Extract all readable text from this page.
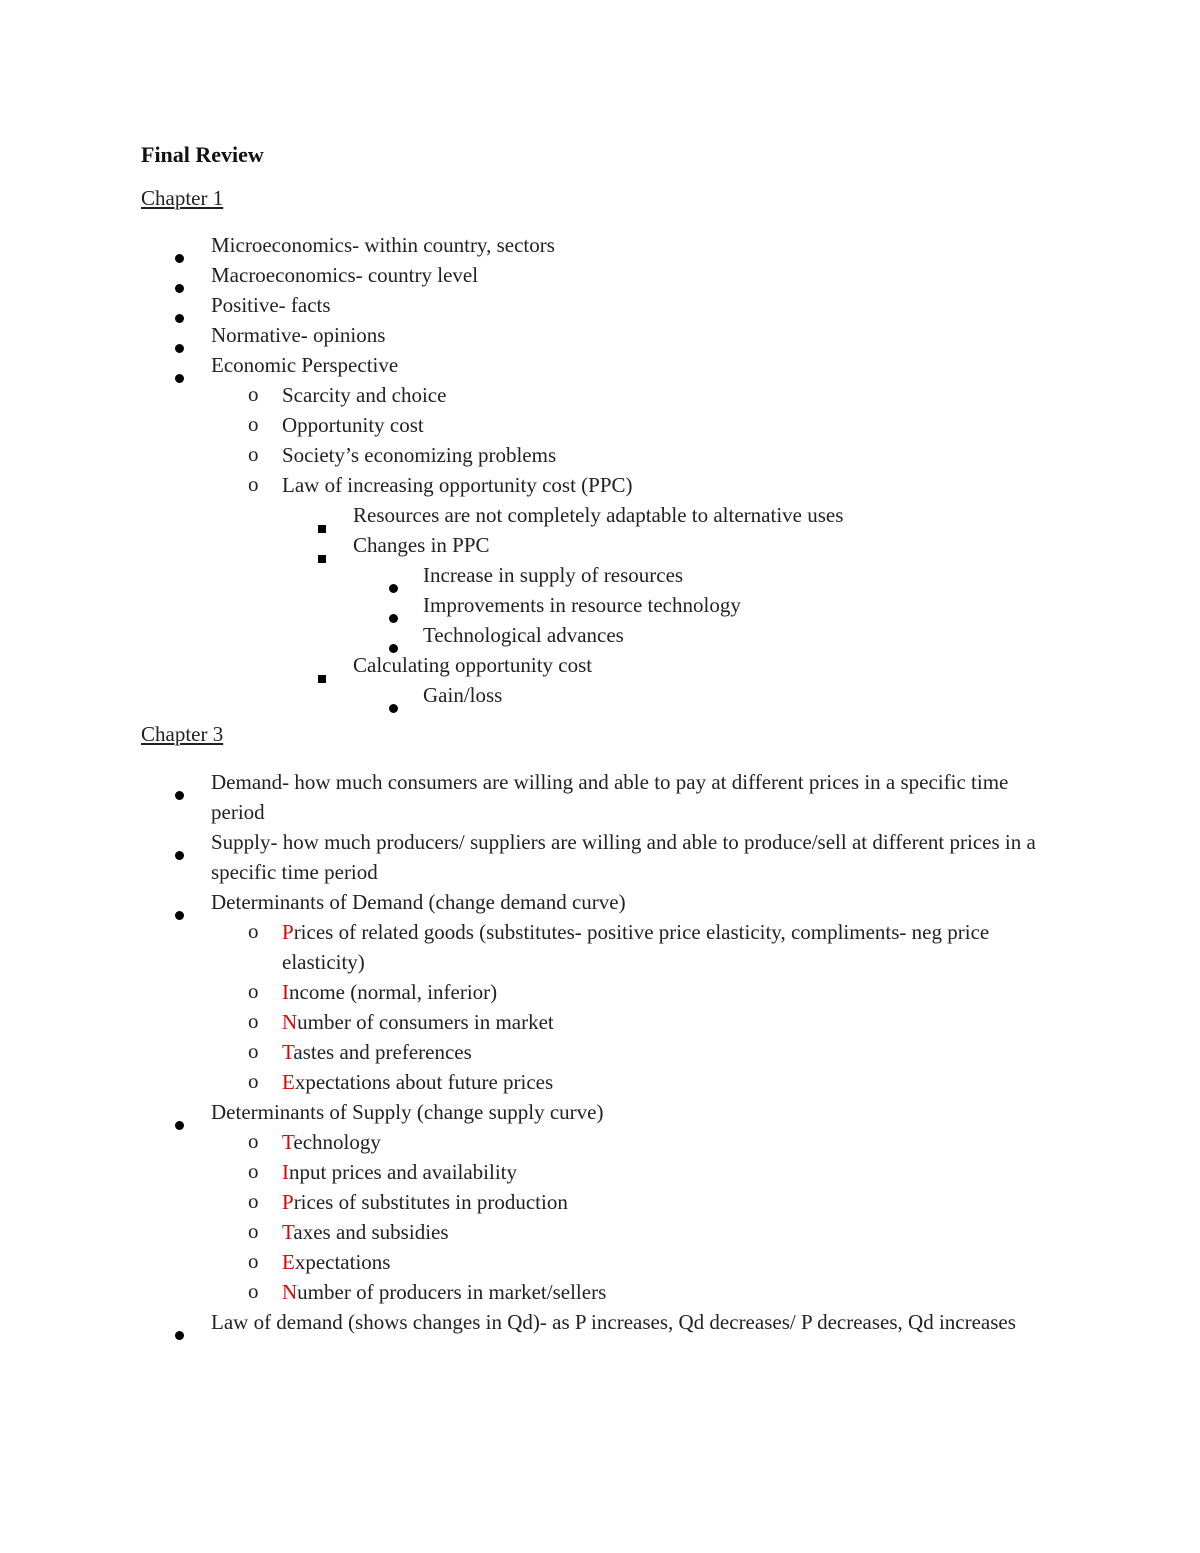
Final Review
Chapter 1
Microeconomics- within country, sectors
Macroeconomics- country level
Positive- facts
Normative- opinions
Economic Perspective
o Scarcity and choice
o Opportunity cost
o Society’s economizing problems
o Law of increasing opportunity cost (PPC)
Resources are not completely adaptable to alternative uses
Changes in PPC
Increase in supply of resources
Improvements in resource technology
Technological advances
Calculating opportunity cost
Gain/loss
Chapter 3
Demand- how much consumers are willing and able to pay at different prices in a specific time period
Supply- how much producers/ suppliers are willing and able to produce/sell at different prices in a specific time period
Determinants of Demand (change demand curve)
o Prices of related goods (substitutes- positive price elasticity, compliments- neg price elasticity)
o Income (normal, inferior)
o Number of consumers in market
o Tastes and preferences
o Expectations about future prices
Determinants of Supply (change supply curve)
o Technology
o Input prices and availability
o Prices of substitutes in production
o Taxes and subsidies
o Expectations
o Number of producers in market/sellers
Law of demand (shows changes in Qd)- as P increases, Qd decreases/ P decreases, Qd increases
